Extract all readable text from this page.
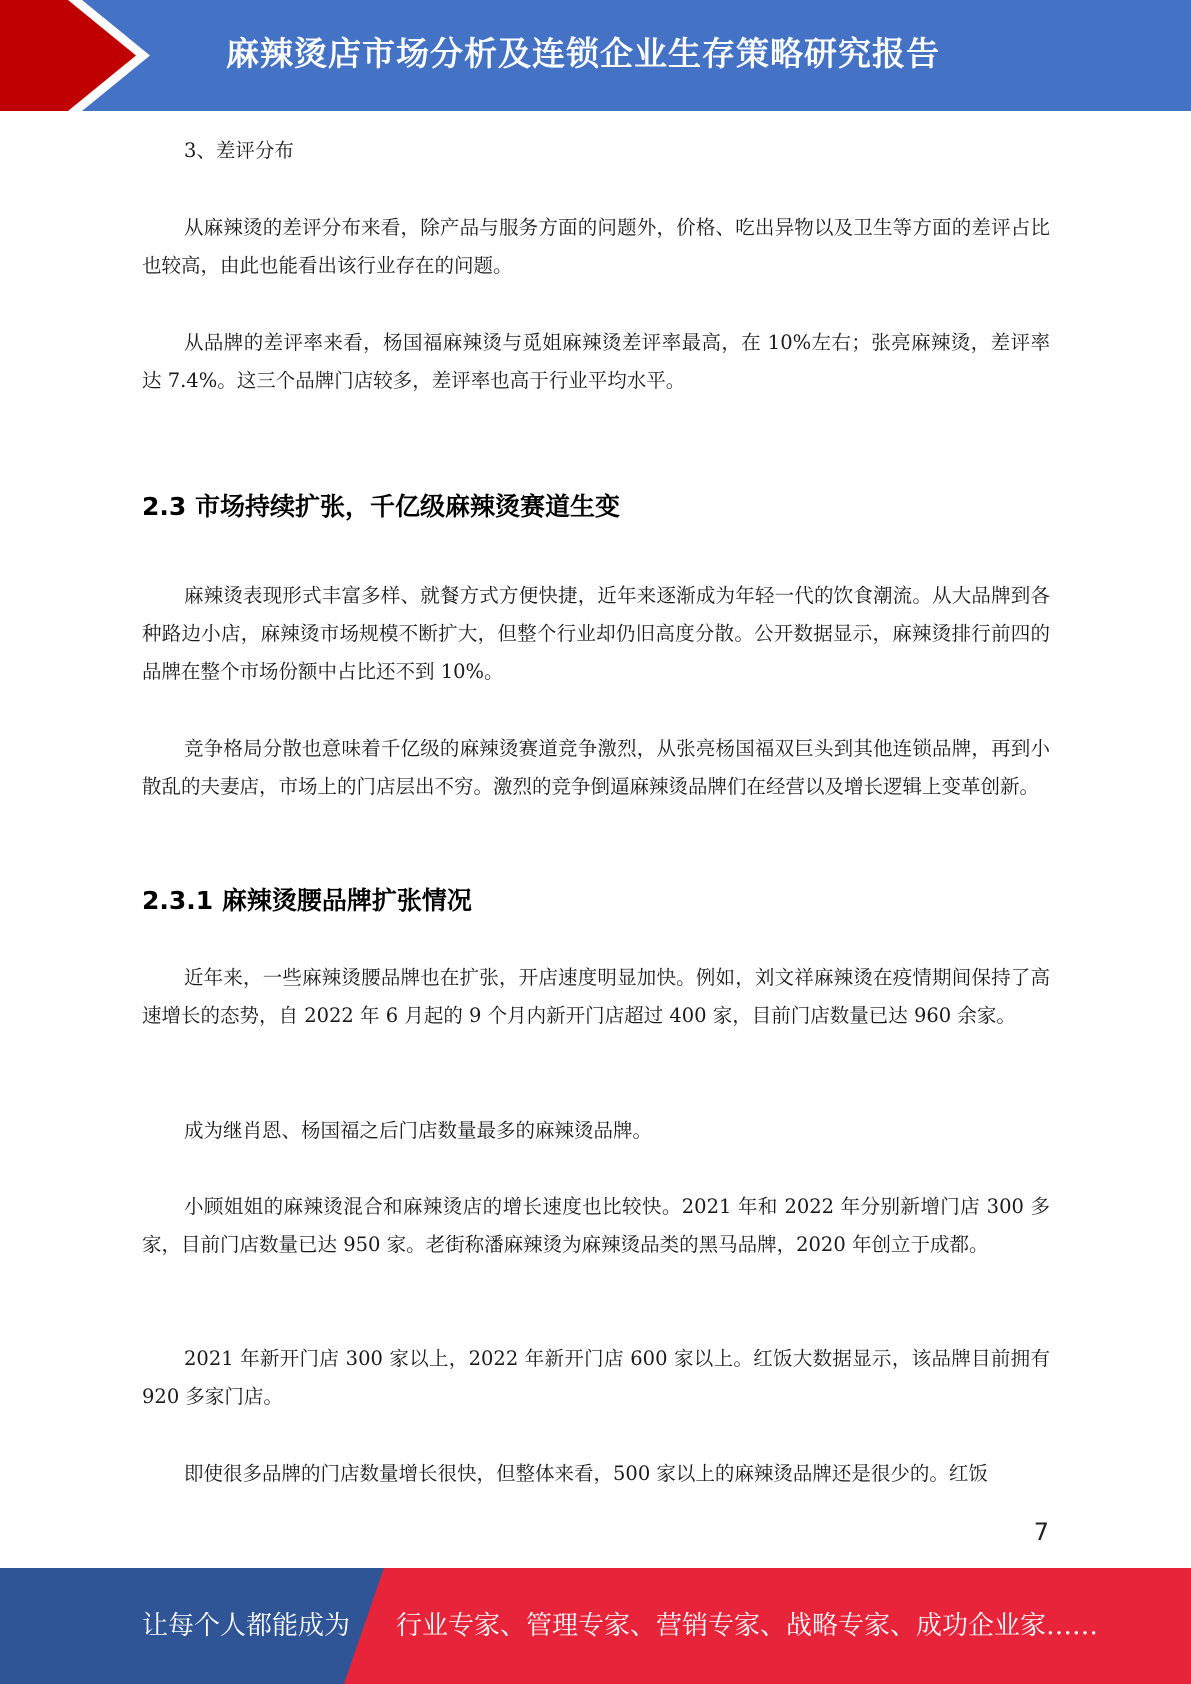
麻辣烫店市场分析及连锁企业生存策略研究报告

3、差评分布

从麻辣烫的差评分布来看，除产品与服务方面的问题外，价格、吃出异物以及卫生等方面的差评占比也较高，由此也能看出该行业存在的问题。

从品牌的差评率来看，杨国福麻辣烫与觅姐麻辣烫差评率最高，在 10%左右；张亮麻辣烫，差评率达 7.4%。这三个品牌门店较多，差评率也高于行业平均水平。

2.3 市场持续扩张，千亿级麻辣烫赛道生变

麻辣烫表现形式丰富多样、就餐方式方便快捷，近年来逐渐成为年轻一代的饮食潮流。从大品牌到各种路边小店，麻辣烫市场规模不断扩大，但整个行业却仍旧高度分散。公开数据显示，麻辣烫排行前四的品牌在整个市场份额中占比还不到 10%。

竞争格局分散也意味着千亿级的麻辣烫赛道竞争激烈，从张亮杨国福双巨头到其他连锁品牌，再到小散乱的夫妻店，市场上的门店层出不穷。激烈的竞争倒逼麻辣烫品牌们在经营以及增长逻辑上变革创新。

2.3.1 麻辣烫腰品牌扩张情况

近年来，一些麻辣烫腰品牌也在扩张，开店速度明显加快。例如，刘文祥麻辣烫在疫情期间保持了高速增长的态势，自 2022 年 6 月起的 9 个月内新开门店超过 400 家，目前门店数量已达 960 余家。

成为继肖恩、杨国福之后门店数量最多的麻辣烫品牌。

小顾姐姐的麻辣烫混合和麻辣烫店的增长速度也比较快。2021 年和 2022 年分别新增门店 300 多家，目前门店数量已达 950 家。老街称潘麻辣烫为麻辣烫品类的黑马品牌，2020 年创立于成都。

2021 年新开门店 300 家以上，2022 年新开门店 600 家以上。红饭大数据显示，该品牌目前拥有 920 多家门店。

即使很多品牌的门店数量增长很快，但整体来看，500 家以上的麻辣烫品牌还是很少的。红饭

7
让每个人都能成为 行业专家、管理专家、营销专家、战略专家、成功企业家……
